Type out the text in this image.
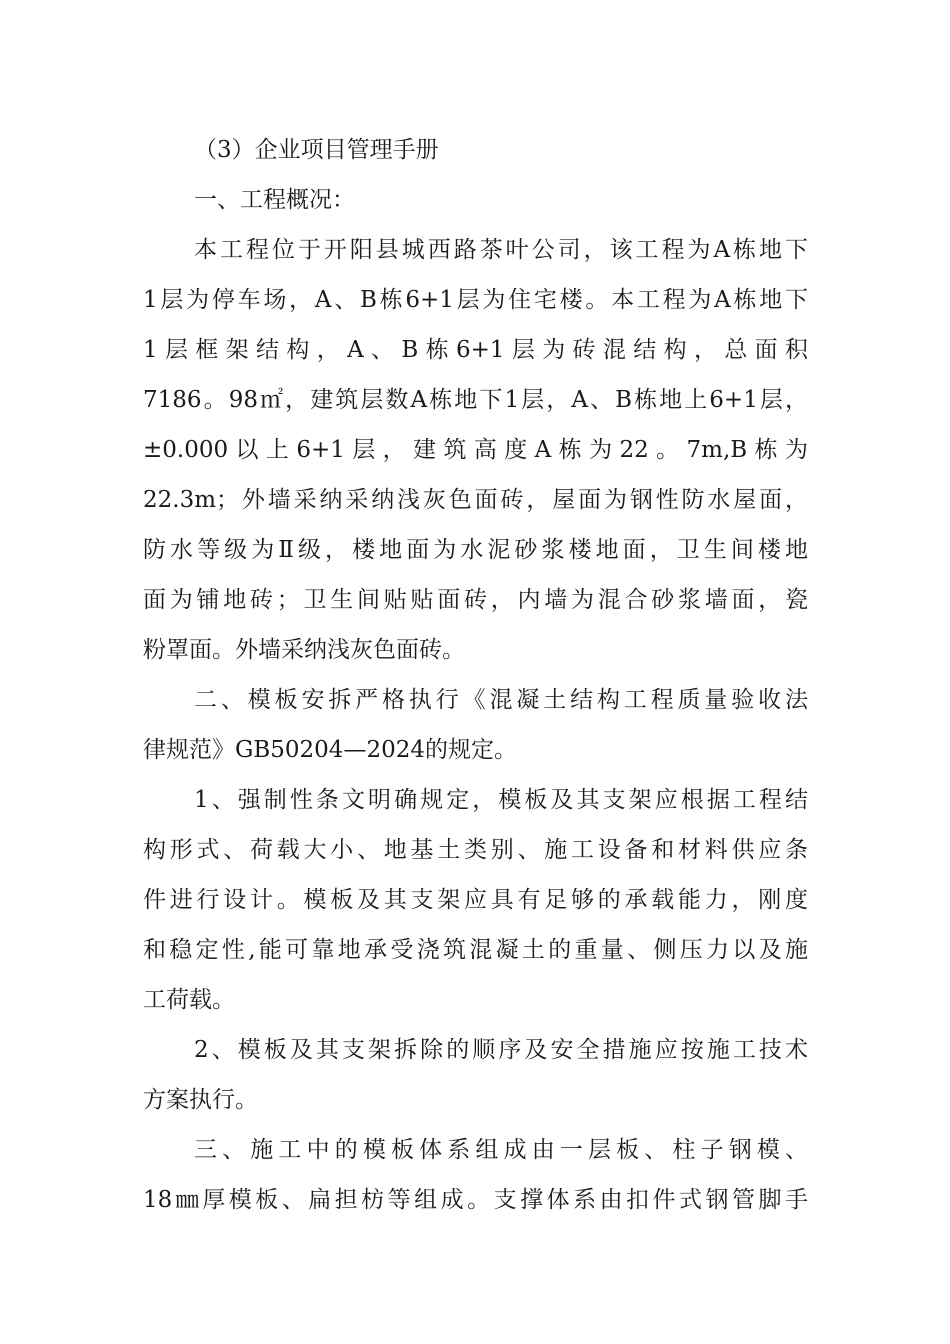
（3）企业项目管理手册
一、工程概况：
本工程位于开阳县城西路茶叶公司，该工程为A栋地下
1层为停车场，A、B栋6+1层为住宅楼。本工程为A栋地下
1层框架结构，A、B栋6+1层为砖混结构，总面积
7186。98㎡，建筑层数A栋地下1层，A、B栋地上6+1层，
±0.000以上6+1层，建筑高度A栋为22。7m,B栋为
22.3m；外墙采纳采纳浅灰色面砖，屋面为钢性防水屋面，
防水等级为Ⅱ级，楼地面为水泥砂浆楼地面，卫生间楼地
面为铺地砖；卫生间贴贴面砖，内墙为混合砂浆墙面，瓷
粉罩面。外墙采纳浅灰色面砖。
二、模板安拆严格执行《混凝土结构工程质量验收法
律规范》GB50204—2024的规定。
1、强制性条文明确规定，模板及其支架应根据工程结
构形式、荷载大小、地基土类别、施工设备和材料供应条
件进行设计。模板及其支架应具有足够的承载能力，刚度
和稳定性,能可靠地承受浇筑混凝土的重量、侧压力以及施
工荷载。
2、模板及其支架拆除的顺序及安全措施应按施工技术
方案执行。
三、施工中的模板体系组成由一层板、柱子钢模、
18㎜厚模板、扁担枋等组成。支撑体系由扣件式钢管脚手
